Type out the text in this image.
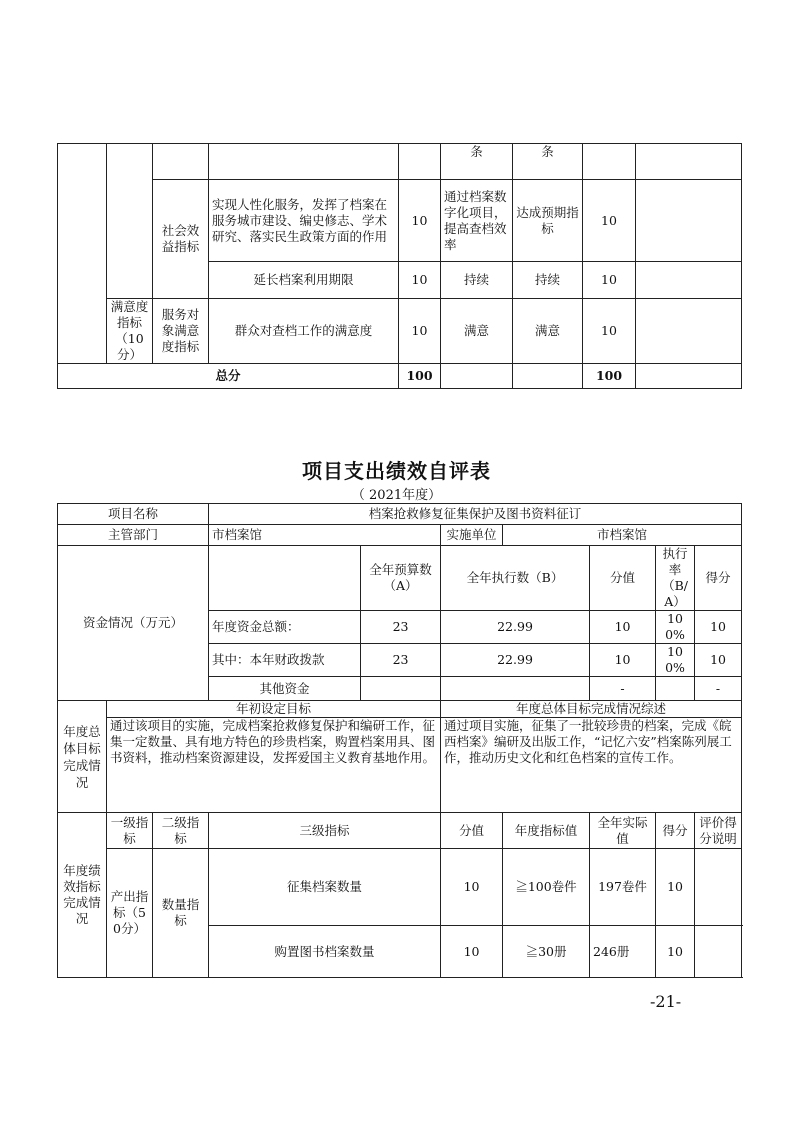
					条	条		
		社会效益指标	实现人性化服务，发挥了档案在服务城市建设、编史修志、学术研究、落实民生政策方面的作用	10	通过档案数字化项目，提高查档效率	达成预期指标	10	
			延长档案利用期限	10	持续	持续	10	
	满意度指标（10分）	服务对象满意度指标	群众对查档工作的满意度	10	满意	满意	10	
总分				100			100	
项目支出绩效自评表
（ 2021年度）
项目名称			档案抢救修复征集保护及图书资料征订						
主管部门			市档案馆		实施单位	市档案馆			
资金情况（万元）				全年预算数（A）	全年执行数（B）		分值	执行率（B/A）	得分
			年度资金总额：	23	22.99		10	100%	10
			其中：本年财政拨款	23	22.99		10	100%	10
			其他资金				-		-
年度总体目标完成情况	年初设定目标				年度总体目标完成情况综述				
	通过该项目的实施，完成档案抢救修复保护和编研工作，征集一定数量、具有地方特色的珍贵档案，购置档案用具、图书资料，推动档案资源建设，发挥爱国主义教育基地作用。				通过项目实施，征集了一批较珍贵的档案，完成《皖西档案》编研及出版工作，“记忆六安”档案陈列展工作，推动历史文化和红色档案的宣传工作。				
年度绩效指标完成情况	一级指标	二级指标	三级指标		分值	年度指标值	全年实际值	得分	评价得分说明
	产出指标（50分）	数量指标	征集档案数量		10	≧100卷件	197卷件	10	
			购置图书档案数量		10	≧30册	246册	10	
-21-
